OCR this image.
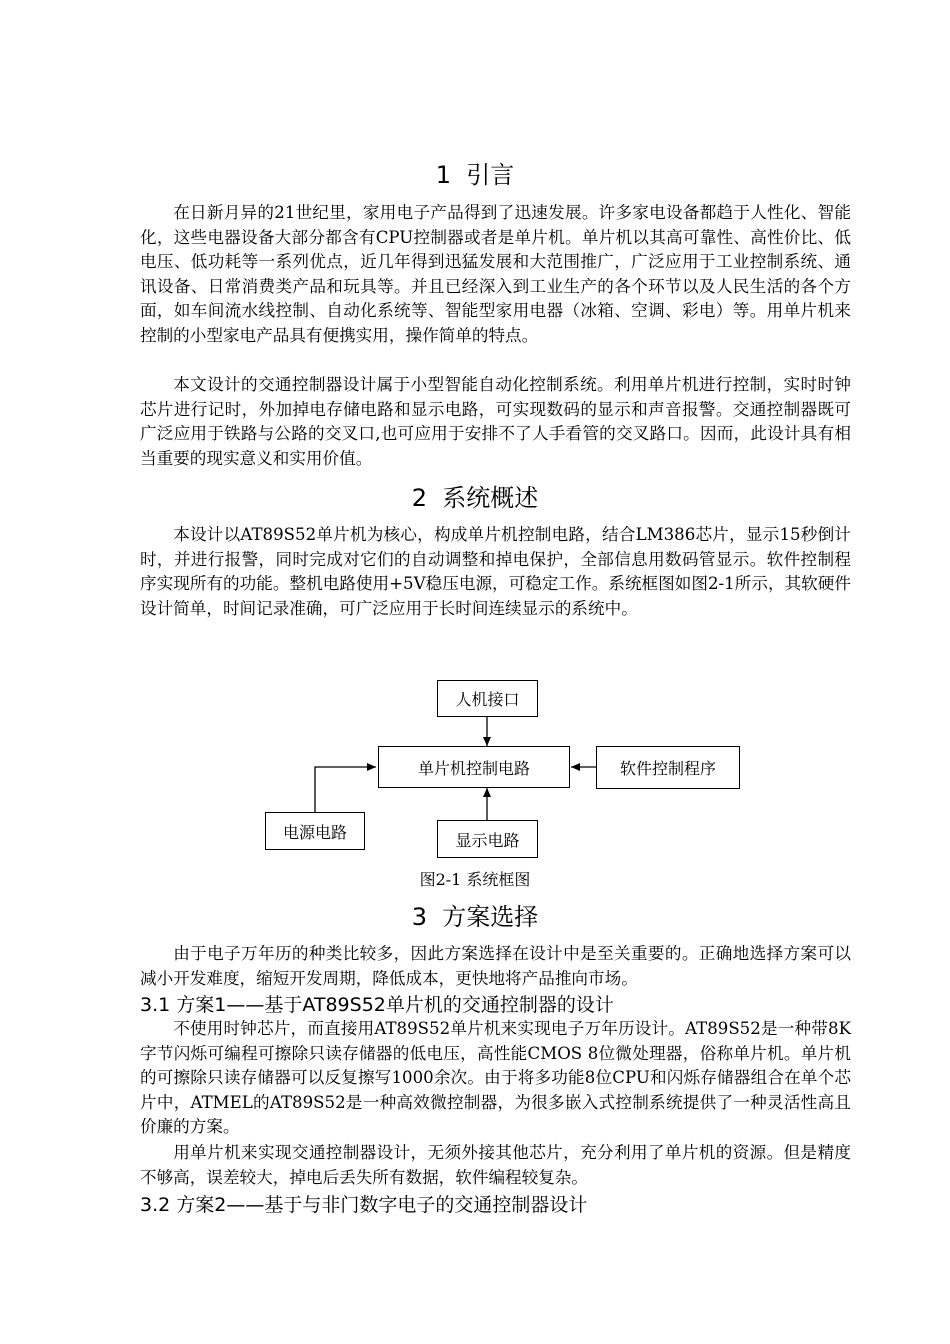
1  引言

在日新月异的21世纪里，家用电子产品得到了迅速发展。许多家电设备都趋于人性化、智能化，这些电器设备大部分都含有CPU控制器或者是单片机。单片机以其高可靠性、高性价比、低电压、低功耗等一系列优点，近几年得到迅猛发展和大范围推广，广泛应用于工业控制系统、通讯设备、日常消费类产品和玩具等。并且已经深入到工业生产的各个环节以及人民生活的各个方面，如车间流水线控制、自动化系统等、智能型家用电器（冰箱、空调、彩电）等。用单片机来控制的小型家电产品具有便携实用，操作简单的特点。

本文设计的交通控制器设计属于小型智能自动化控制系统。利用单片机进行控制，实时时钟芯片进行记时，外加掉电存储电路和显示电路，可实现数码的显示和声音报警。交通控制器既可广泛应用于铁路与公路的交叉口,也可应用于安排不了人手看管的交叉路口。因而，此设计具有相当重要的现实意义和实用价值。

2  系统概述

本设计以AT89S52单片机为核心，构成单片机控制电路，结合LM386芯片，显示15秒倒计时，并进行报警，同时完成对它们的自动调整和掉电保护，全部信息用数码管显示。软件控制程序实现所有的功能。整机电路使用+5V稳压电源，可稳定工作。系统框图如图2-1所示，其软硬件设计简单，时间记录准确，可广泛应用于长时间连续显示的系统中。

人机接口
单片机控制电路	软件控制程序
电源电路	显示电路
图2-1 系统框图
3  方案选择

由于电子万年历的种类比较多，因此方案选择在设计中是至关重要的。正确地选择方案可以减小开发难度，缩短开发周期，降低成本，更快地将产品推向市场。

3.1 方案1——基于AT89S52单片机的交通控制器的设计

不使用时钟芯片，而直接用AT89S52单片机来实现电子万年历设计。AT89S52是一种带8K字节闪烁可编程可擦除只读存储器的低电压，高性能CMOS 8位微处理器，俗称单片机。单片机的可擦除只读存储器可以反复擦写1000余次。由于将多功能8位CPU和闪烁存储器组合在单个芯片中，ATMEL的AT89S52是一种高效微控制器，为很多嵌入式控制系统提供了一种灵活性高且价廉的方案。

用单片机来实现交通控制器设计，无须外接其他芯片，充分利用了单片机的资源。但是精度不够高，误差较大，掉电后丢失所有数据，软件编程较复杂。

3.2 方案2——基于与非门数字电子的交通控制器设计
